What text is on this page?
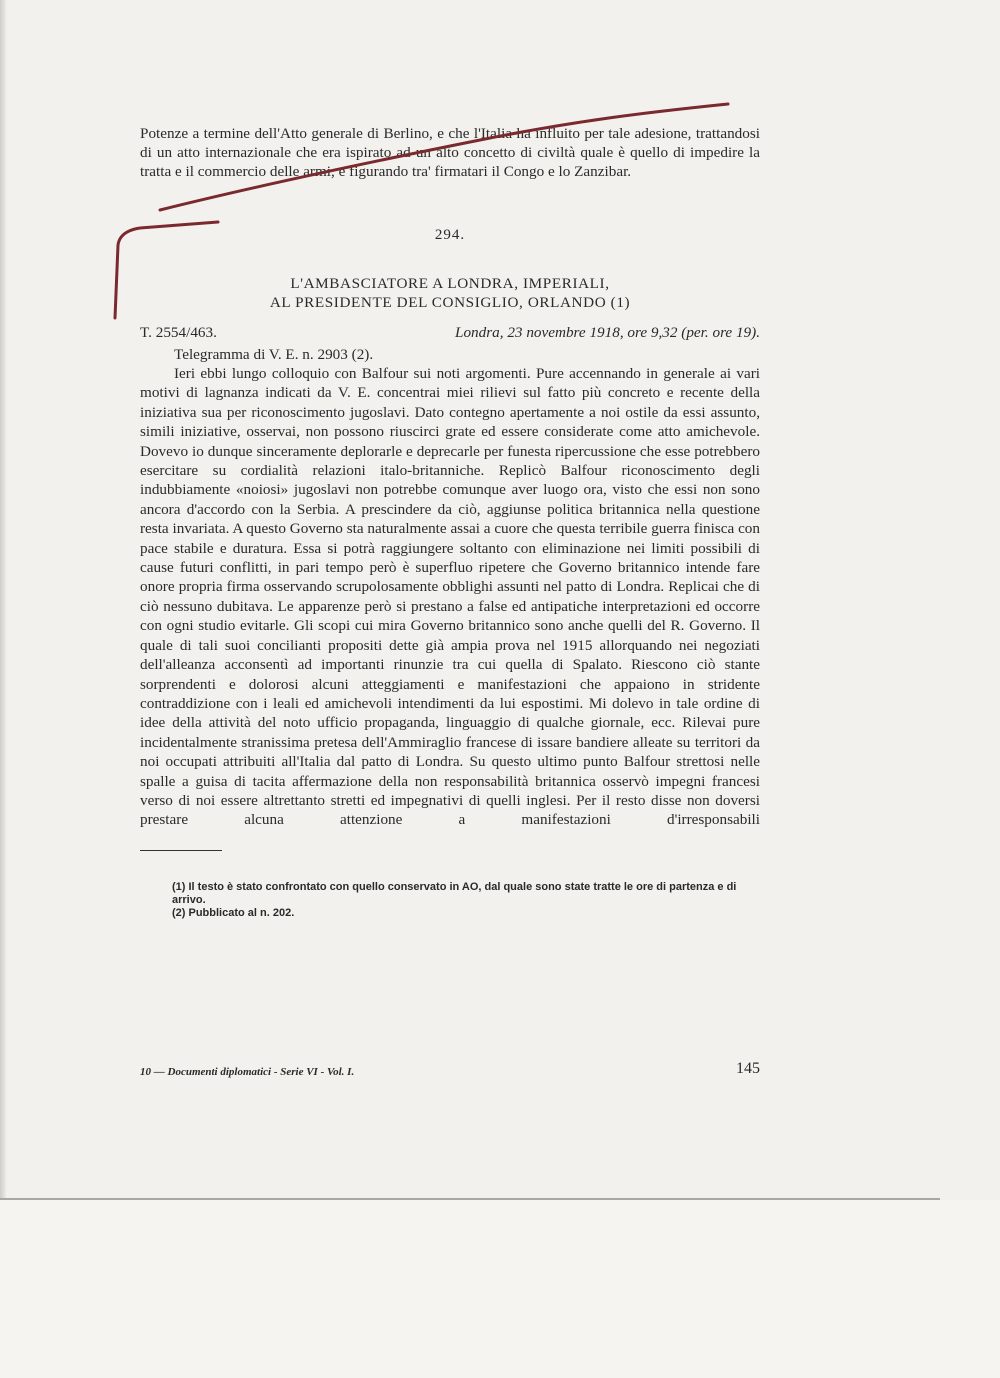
Potenze a termine dell'Atto generale di Berlino, e che l'Italia ha influito per tale adesione, trattandosi di un atto internazionale che era ispirato ad un alto concetto di civiltà quale è quello di impedire la tratta e il commercio delle armi, e figurando tra' firmatari il Congo e lo Zanzibar.

294.
L'AMBASCIATORE A LONDRA, IMPERIALI,
AL PRESIDENTE DEL CONSIGLIO, ORLANDO (1)
T. 2554/463.	Londra, 23 novembre 1918, ore 9,32 (per. ore 19).
Telegramma di V. E. n. 2903 (2).

Ieri ebbi lungo colloquio con Balfour sui noti argomenti. Pure accennando in generale ai vari motivi di lagnanza indicati da V. E. concentrai miei rilievi sul fatto più concreto e recente della iniziativa sua per riconoscimento jugoslavi. Dato contegno apertamente a noi ostile da essi assunto, simili iniziative, osservai, non possono riuscirci grate ed essere considerate come atto amichevole. Dovevo io dunque sinceramente deplorarle e deprecarle per funesta ripercussione che esse potrebbero esercitare su cordialità relazioni italo-britanniche. Replicò Balfour riconoscimento degli indubbiamente «noiosi» jugoslavi non potrebbe comunque aver luogo ora, visto che essi non sono ancora d'accordo con la Serbia. A prescindere da ciò, aggiunse politica britannica nella questione resta invariata. A questo Governo sta naturalmente assai a cuore che questa terribile guerra finisca con pace stabile e duratura. Essa si potrà raggiungere soltanto con eliminazione nei limiti possibili di cause futuri conflitti, in pari tempo però è superfluo ripetere che Governo britannico intende fare onore propria firma osservando scrupolosamente obblighi assunti nel patto di Londra. Replicai che di ciò nessuno dubitava. Le apparenze però si prestano a false ed antipatiche interpretazioni ed occorre con ogni studio evitarle. Gli scopi cui mira Governo britannico sono anche quelli del R. Governo. Il quale di tali suoi concilianti propositi dette già ampia prova nel 1915 allorquando nei negoziati dell'alleanza acconsentì ad importanti rinunzie tra cui quella di Spalato. Riescono ciò stante sorprendenti e dolorosi alcuni atteggiamenti e manifestazioni che appaiono in stridente contraddizione con i leali ed amichevoli intendimenti da lui espostimi. Mi dolevo in tale ordine di idee della attività del noto ufficio propaganda, linguaggio di qualche giornale, ecc. Rilevai pure incidentalmente stranissima pretesa dell'Ammiraglio francese di issare bandiere alleate su territori da noi occupati attribuiti all'Italia dal patto di Londra. Su questo ultimo punto Balfour strettosi nelle spalle a guisa di tacita affermazione della non responsabilità britannica osservò impegni francesi verso di noi essere altrettanto stretti ed impegnativi di quelli inglesi. Per il resto disse non doversi prestare alcuna attenzione a manifestazioni d'irresponsabili

(1) Il testo è stato confrontato con quello conservato in AO, dal quale sono state tratte le ore di partenza e di arrivo.

(2) Pubblicato al n. 202.

10 — Documenti diplomatici - Serie VI - Vol. I.	145
